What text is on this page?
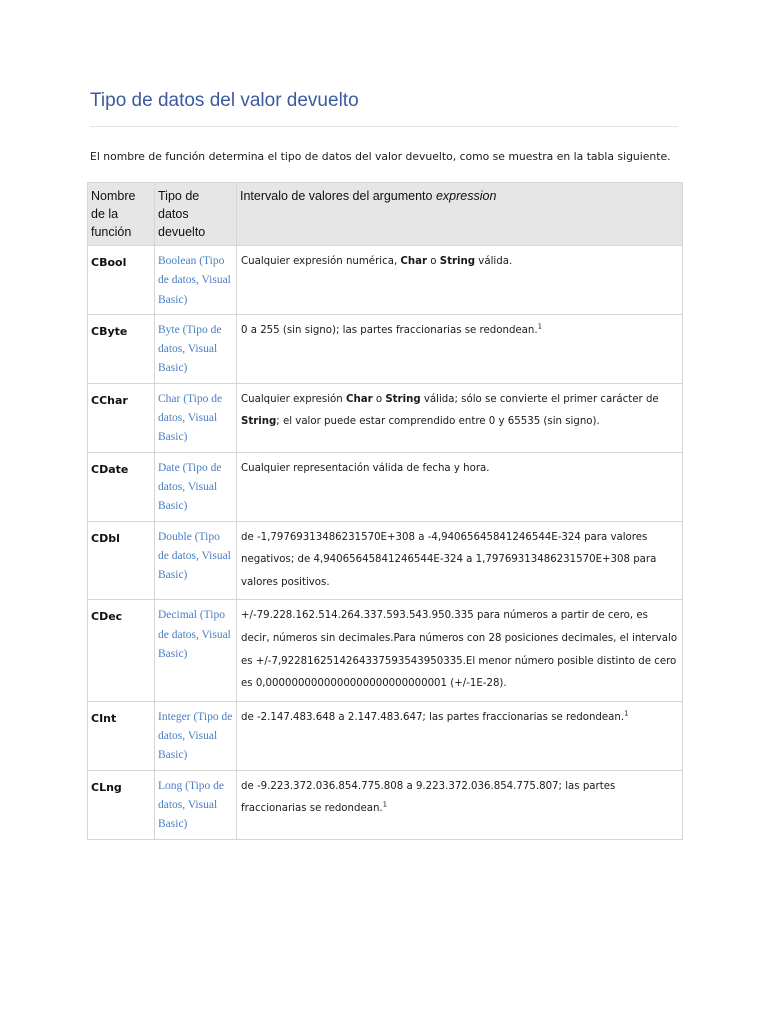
Tipo de datos del valor devuelto

El nombre de función determina el tipo de datos del valor devuelto, como se muestra en la tabla siguiente.

Nombre de la función	Tipo de datos devuelto	Intervalo de valores del argumento expression
CBool	Boolean (Tipo de datos, Visual Basic)	Cualquier expresión numérica, Char o String válida.
CByte	Byte (Tipo de datos, Visual Basic)	0 a 255 (sin signo); las partes fraccionarias se redondean.$^1$
CChar	Char (Tipo de datos, Visual Basic)	Cualquier expresión Char o String válida; sólo se convierte el primer carácter de String; el valor puede estar comprendido entre 0 y 65535 (sin signo).
CDate	Date (Tipo de datos, Visual Basic)	Cualquier representación válida de fecha y hora.
CDbl	Double (Tipo de datos, Visual Basic)	de -1,79769313486231570E+308 a -4,94065645841246544E-324 para valores negativos; de 4,94065645841246544E-324 a 1,79769313486231570E+308 para valores positivos.
CDec	Decimal (Tipo de datos, Visual Basic)	+/-79.228.162.514.264.337.593.543.950.335 para números a partir de cero, es decir, números sin decimales.Para números con 28 posiciones decimales, el intervalo es +/-7,9228162514264337593543950335.El menor número posible distinto de cero es 0,0000000000000000000000000001 (+/-1E-28).
CInt	Integer (Tipo de datos, Visual Basic)	de -2.147.483.648 a 2.147.483.647; las partes fraccionarias se redondean.$^1$
CLng	Long (Tipo de datos, Visual Basic)	de -9.223.372.036.854.775.808 a 9.223.372.036.854.775.807; las partes fraccionarias se redondean.$^1$
